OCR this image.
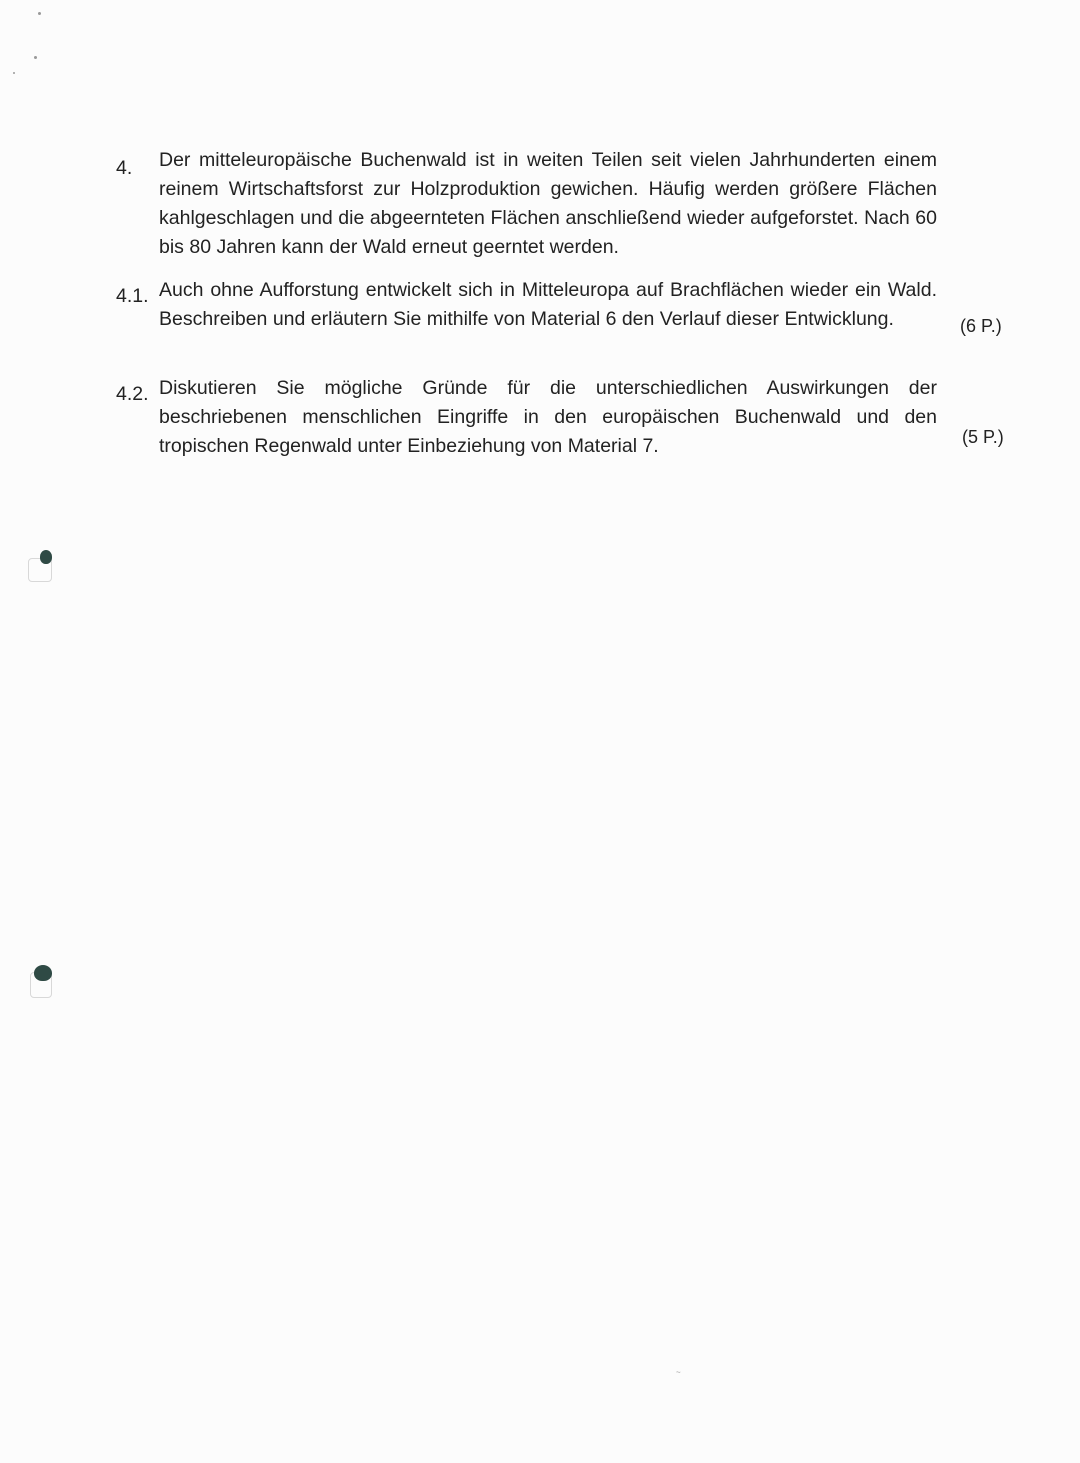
4. Der mitteleuropäische Buchenwald ist in weiten Teilen seit vielen Jahrhunderten einem reinem Wirtschaftsforst zur Holzproduktion gewichen. Häufig werden größere Flächen kahlgeschlagen und die abgeernteten Flächen anschließend wieder aufgeforstet. Nach 60 bis 80 Jahren kann der Wald erneut geerntet werden.
4.1. Auch ohne Aufforstung entwickelt sich in Mitteleuropa auf Brachflächen wieder ein Wald. Beschreiben und erläutern Sie mithilfe von Material 6 den Verlauf dieser Entwicklung.	(6 P.)
4.2. Diskutieren Sie mögliche Gründe für die unterschiedlichen Auswirkungen der beschriebenen menschlichen Eingriffe in den europäischen Buchenwald und den tropischen Regenwald unter Einbeziehung von Material 7.	(5 P.)
~
